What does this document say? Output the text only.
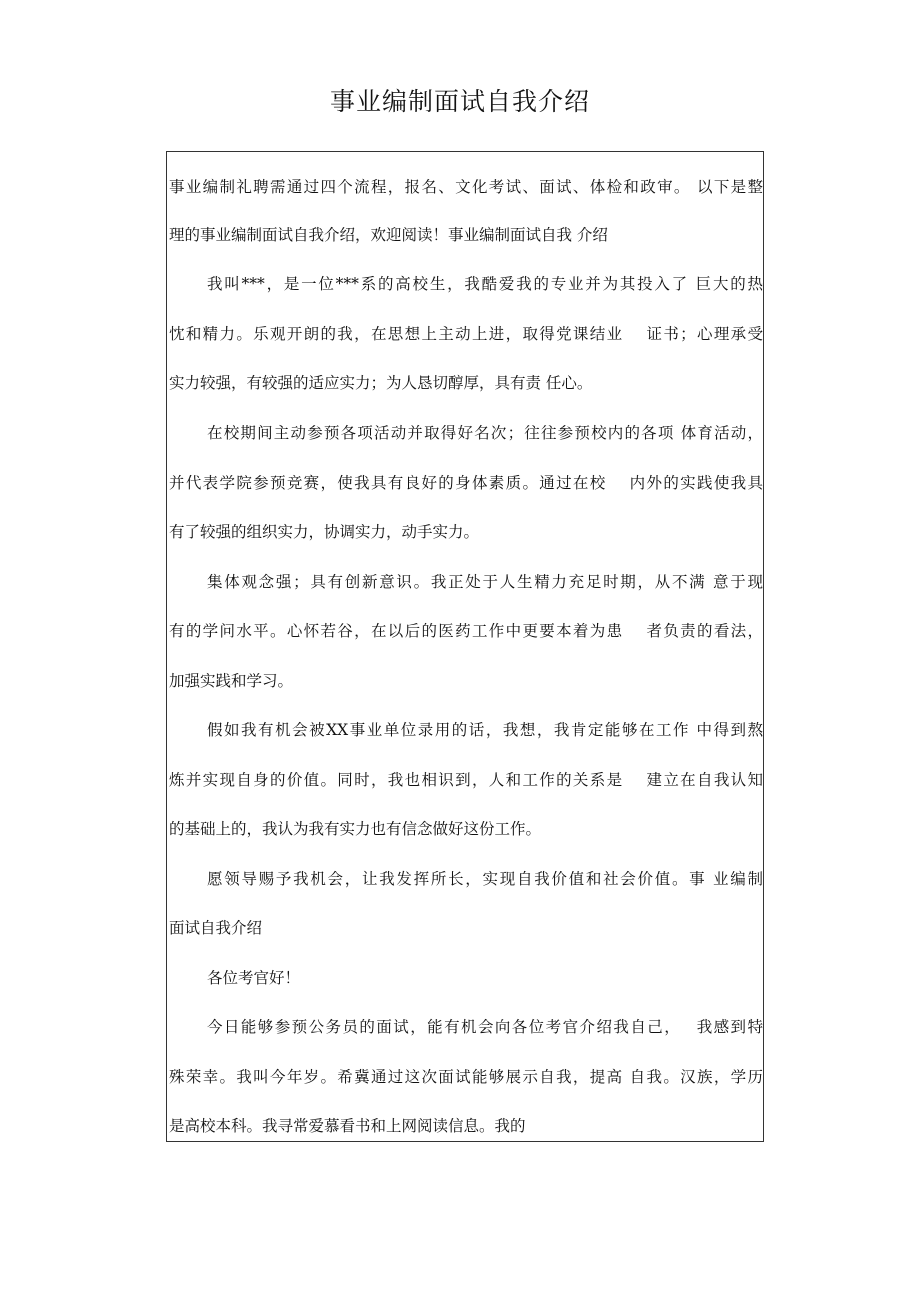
事业编制面试自我介绍
事业编制礼聘需通过四个流程，报名、文化考试、面试、体检和政审。 以下是整
理的事业编制面试自我介绍，欢迎阅读！事业编制面试自我 介绍
我叫***，是一位***系的高校生，我酷爱我的专业并为其投入了 巨大的热
忱和精力。乐观开朗的我，在思想上主动上进，取得党课结业　 证书；心理承受
实力较强，有较强的适应实力；为人恳切醇厚，具有责 任心。
在校期间主动参预各项活动并取得好名次；往往参预校内的各项 体育活动，
并代表学院参预竞赛，使我具有良好的身体素质。通过在校　 内外的实践使我具
有了较强的组织实力，协调实力，动手实力。
集体观念强；具有创新意识。我正处于人生精力充足时期，从不满 意于现
有的学问水平。心怀若谷，在以后的医药工作中更要本着为患　 者负责的看法，
加强实践和学习。
假如我有机会被XX事业单位录用的话，我想，我肯定能够在工作 中得到熬
炼并实现自身的价值。同时，我也相识到，人和工作的关系是　 建立在自我认知
的基础上的，我认为我有实力也有信念做好这份工作。
愿领导赐予我机会，让我发挥所长，实现自我价值和社会价值。事 业编制
面试自我介绍
各位考官好！
今日能够参预公务员的面试，能有机会向各位考官介绍我自己，　 我感到特
殊荣幸。我叫今年岁。希冀通过这次面试能够展示自我，提高 自我。汉族，学历
是高校本科。我寻常爱慕看书和上网阅读信息。我的
